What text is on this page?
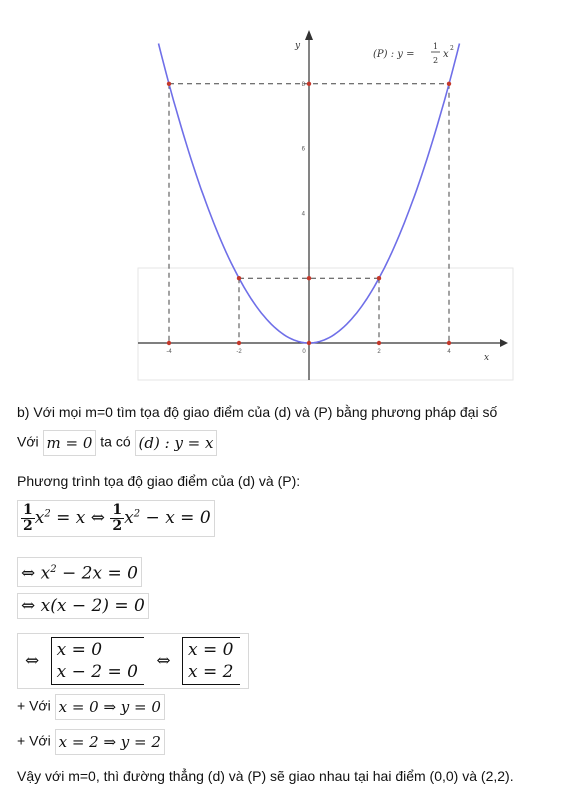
-4	-2	0	2	4
4
6
8
x
y
(P) : y =
1
2
x
2
b) Với mọi m=0 tìm tọa độ giao điểm của (d) và (P) bằng phương pháp đại số
Với m = 0 ta có (d) : y = x
Phương trình tọa độ giao điểm của (d) và (P):
$\frac{1}{2} x^2 = x$ ⇔ $\frac{1}{2} x^2 - x = 0$
⇔ $x^2 - 2x = 0$
⇔ x(x − 2) = 0
⇔
x = 0
x − 2 = 0
⇔
x = 0
x = 2
+ Với x = 0 ⇒ y = 0
+ Với x = 2 ⇒ y = 2
Vậy với m=0, thì đường thẳng (d) và (P) sẽ giao nhau tại hai điểm (0,0) và (2,2).
